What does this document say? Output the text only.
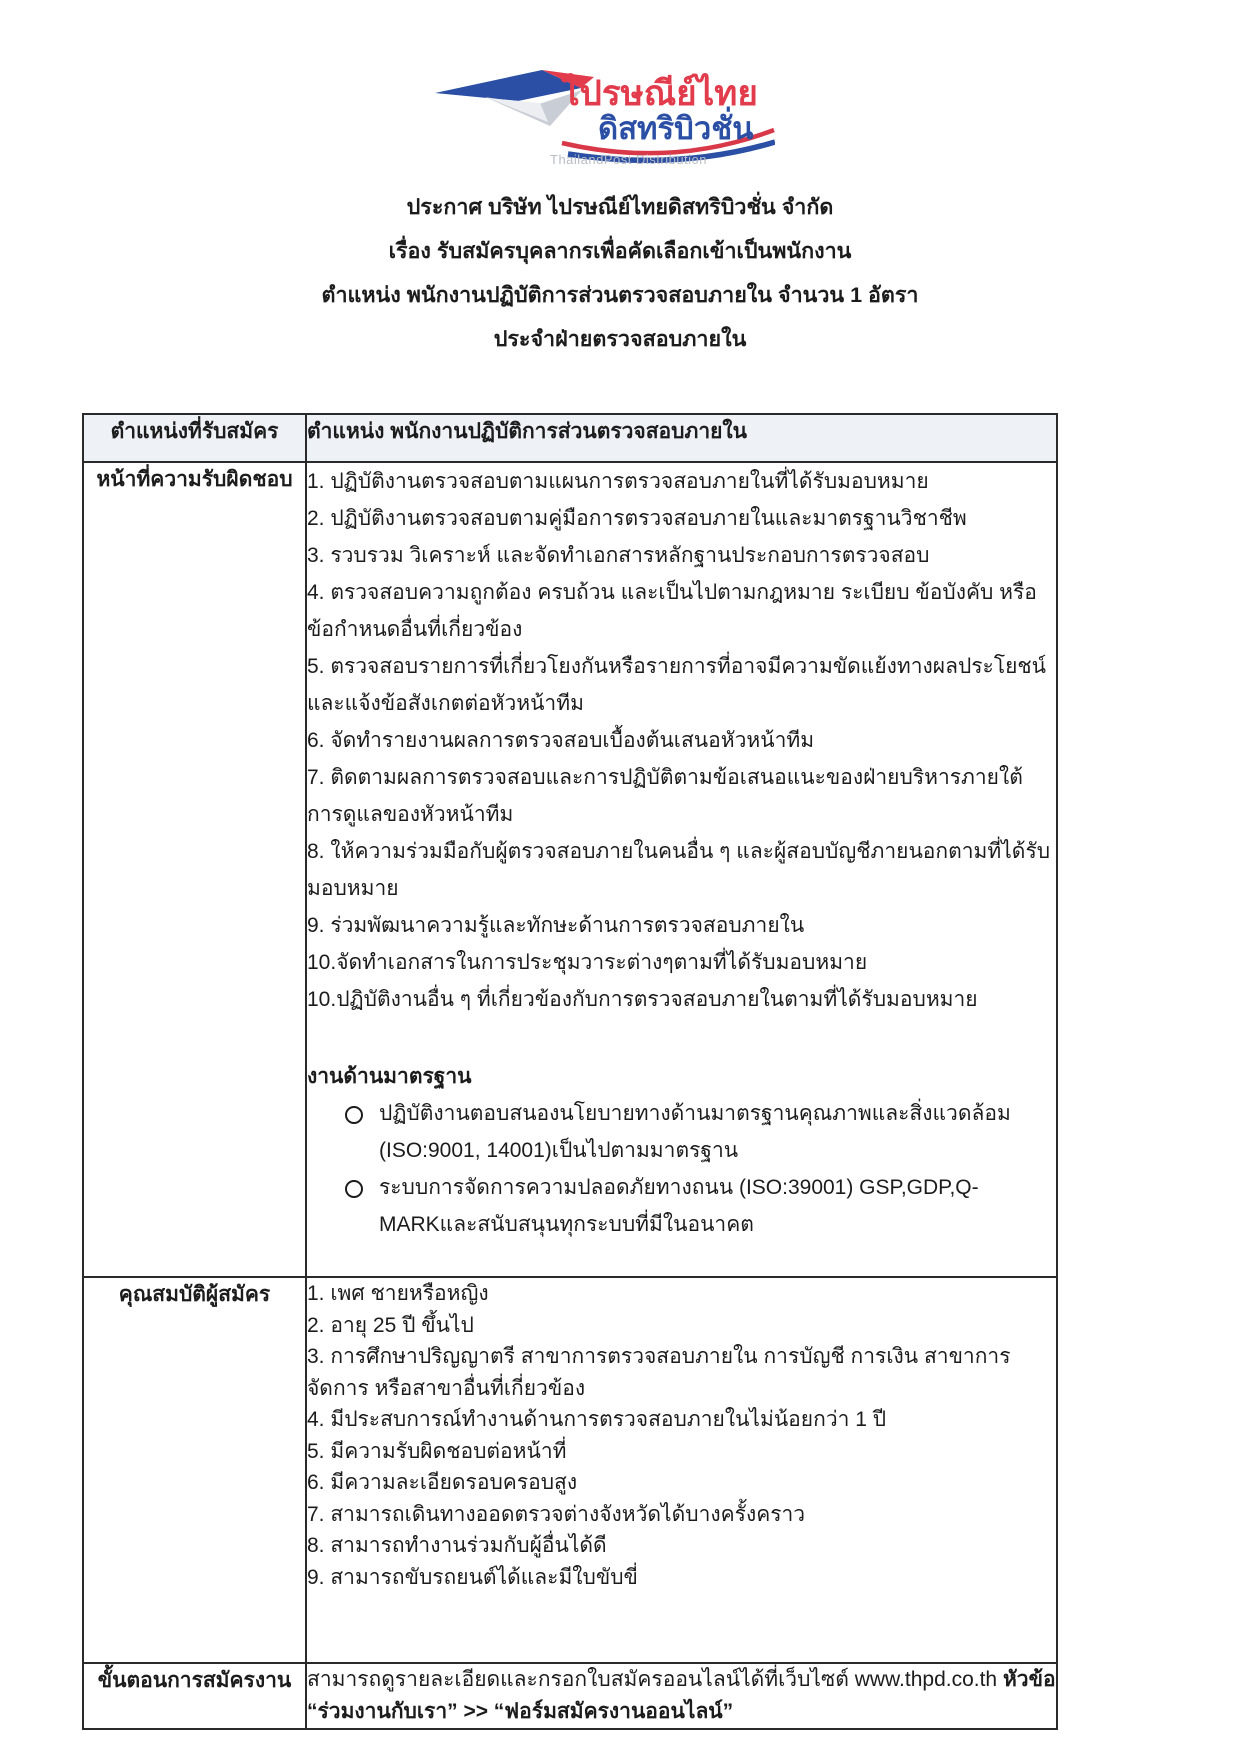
ไปรษณีย์ไทย
ดิสทริบิวชั่น
ThailandPost Distribution
ประกาศ บริษัท ไปรษณีย์ไทยดิสทริบิวชั่น จำกัด
เรื่อง รับสมัครบุคลากรเพื่อคัดเลือกเข้าเป็นพนักงาน
ตำแหน่ง พนักงานปฏิบัติการส่วนตรวจสอบภายใน จำนวน 1 อัตรา
ประจำฝ่ายตรวจสอบภายใน
ตำแหน่งที่รับสมัคร	ตำแหน่ง พนักงานปฏิบัติการส่วนตรวจสอบภายใน
หน้าที่ความรับผิดชอบ	1. ปฏิบัติงานตรวจสอบตามแผนการตรวจสอบภายในที่ได้รับมอบหมาย
2. ปฏิบัติงานตรวจสอบตามคู่มือการตรวจสอบภายในและมาตรฐานวิชาชีพ
3. รวบรวม วิเคราะห์ และจัดทำเอกสารหลักฐานประกอบการตรวจสอบ
4. ตรวจสอบความถูกต้อง ครบถ้วน และเป็นไปตามกฎหมาย ระเบียบ ข้อบังคับ หรือข้อกำหนดอื่นที่เกี่ยวข้อง
5. ตรวจสอบรายการที่เกี่ยวโยงกันหรือรายการที่อาจมีความขัดแย้งทางผลประโยชน์ และแจ้งข้อสังเกตต่อหัวหน้าทีม
6. จัดทำรายงานผลการตรวจสอบเบื้องต้นเสนอหัวหน้าทีม
7. ติดตามผลการตรวจสอบและการปฏิบัติตามข้อเสนอแนะของฝ่ายบริหารภายใต้การดูแลของหัวหน้าทีม
8. ให้ความร่วมมือกับผู้ตรวจสอบภายในคนอื่น ๆ และผู้สอบบัญชีภายนอกตามที่ได้รับมอบหมาย
9. ร่วมพัฒนาความรู้และทักษะด้านการตรวจสอบภายใน
10.จัดทำเอกสารในการประชุมวาระต่างๆตามที่ได้รับมอบหมาย
10.ปฏิบัติงานอื่น ๆ ที่เกี่ยวข้องกับการตรวจสอบภายในตามที่ได้รับมอบหมาย
งานด้านมาตรฐาน
ปฏิบัติงานตอบสนองนโยบายทางด้านมาตรฐานคุณภาพและสิ่งแวดล้อม (ISO:9001, 14001)เป็นไปตามมาตรฐาน
ระบบการจัดการความปลอดภัยทางถนน (ISO:39001) GSP,GDP,Q-MARKและสนับสนุนทุกระบบที่มีในอนาคต

คุณสมบัติผู้สมัคร	1. เพศ ชายหรือหญิง
2. อายุ 25 ปี ขึ้นไป
3. การศึกษาปริญญาตรี สาขาการตรวจสอบภายใน การบัญชี การเงิน สาขาการจัดการ หรือสาขาอื่นที่เกี่ยวข้อง
4. มีประสบการณ์ทำงานด้านการตรวจสอบภายในไม่น้อยกว่า 1 ปี
5. มีความรับผิดชอบต่อหน้าที่
6. มีความละเอียดรอบครอบสูง
7. สามารถเดินทางออดตรวจต่างจังหวัดได้บางครั้งคราว
8. สามารถทำงานร่วมกับผู้อื่นได้ดี
9. สามารถขับรถยนต์ได้และมีใบขับขี่

ขั้นตอนการสมัครงาน	สามารถดูรายละเอียดและกรอกใบสมัครออนไลน์ได้ที่เว็บไซต์ www.thpd.co.th หัวข้อ
“ร่วมงานกับเรา” >> “ฟอร์มสมัครงานออนไลน์”
